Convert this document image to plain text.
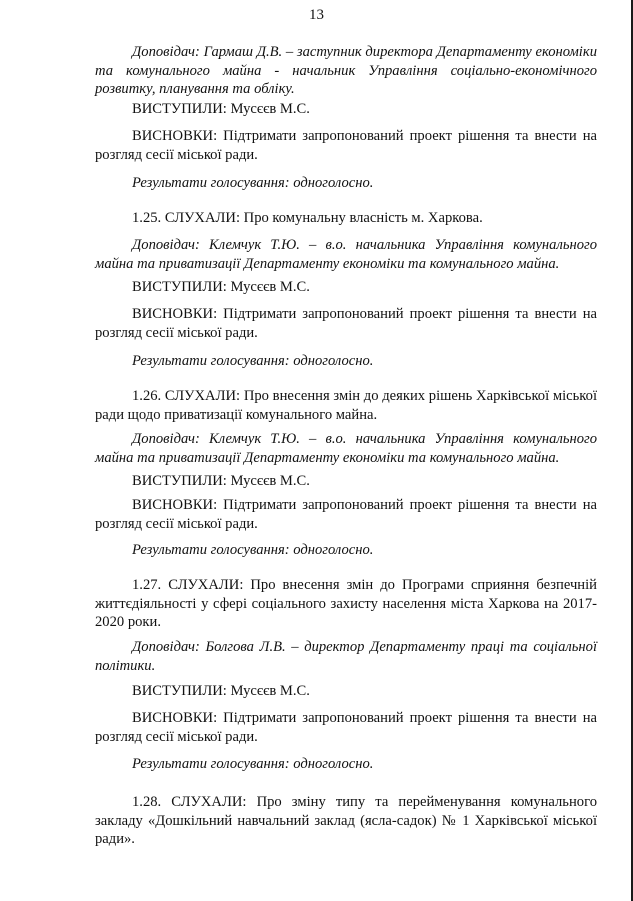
13

Доповідач: Гармаш Д.В. – заступник директора Департаменту економіки та комунального майна - начальник Управління соціально-економічного розвитку, планування та обліку.

ВИСТУПИЛИ: Мусєєв М.С.

ВИСНОВКИ: Підтримати запропонований проект рішення та внести на розгляд сесії міської ради.

Результати голосування: одноголосно.

1.25. СЛУХАЛИ: Про комунальну власність м. Харкова.

Доповідач: Клемчук Т.Ю. – в.о. начальника Управління комунального майна та приватизації Департаменту економіки та комунального майна.

ВИСТУПИЛИ: Мусєєв М.С.

ВИСНОВКИ: Підтримати запропонований проект рішення та внести на розгляд сесії міської ради.

Результати голосування: одноголосно.

1.26. СЛУХАЛИ: Про внесення змін до деяких рішень Харківської міської ради щодо приватизації комунального майна.

Доповідач: Клемчук Т.Ю. – в.о. начальника Управління комунального майна та приватизації Департаменту економіки та комунального майна.

ВИСТУПИЛИ: Мусєєв М.С.

ВИСНОВКИ: Підтримати запропонований проект рішення та внести на розгляд сесії міської ради.

Результати голосування: одноголосно.

1.27. СЛУХАЛИ: Про внесення змін до Програми сприяння безпечній життєдіяльності у сфері соціального захисту населення міста Харкова на 2017-2020 роки.

Доповідач: Болгова Л.В. – директор Департаменту праці та соціальної політики.

ВИСТУПИЛИ: Мусєєв М.С.

ВИСНОВКИ: Підтримати запропонований проект рішення та внести на розгляд сесії міської ради.

Результати голосування: одноголосно.

1.28. СЛУХАЛИ: Про зміну типу та перейменування комунального закладу «Дошкільний навчальний заклад (ясла-садок) № 1 Харківської міської ради».
